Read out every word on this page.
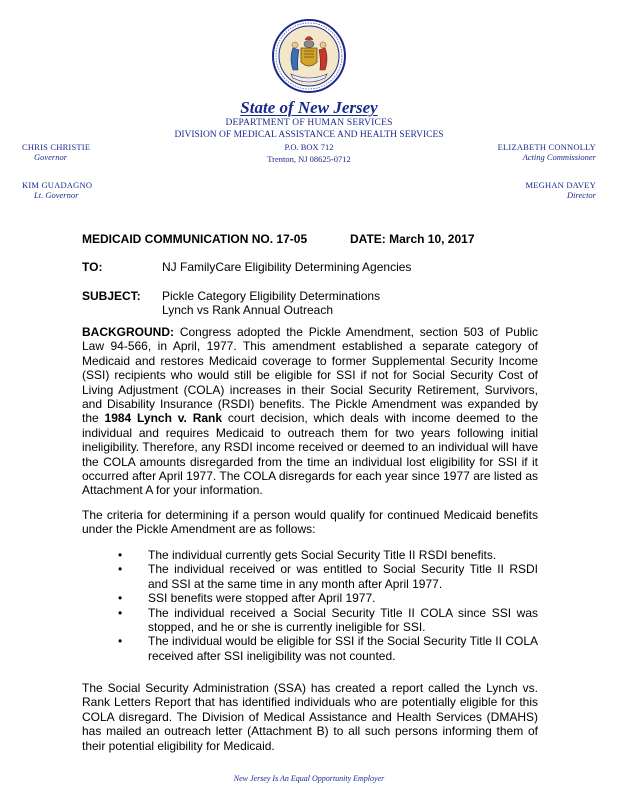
State of New Jersey
DEPARTMENT OF HUMAN SERVICES
DIVISION OF MEDICAL ASSISTANCE AND HEALTH SERVICES
P.O. BOX 712
Trenton, NJ 08625-0712
CHRIS CHRISTIE
Governor
KIM GUADAGNO
Lt. Governor
ELIZABETH CONNOLLY
Acting Commissioner
MEGHAN DAVEY
Director
MEDICAID COMMUNICATION NO. 17-05	DATE: March 10, 2017
TO:	NJ FamilyCare Eligibility Determining Agencies
SUBJECT: Pickle Category Eligibility Determinations
Lynch vs Rank Annual Outreach
BACKGROUND: Congress adopted the Pickle Amendment, section 503 of Public Law 94-566, in April, 1977. This amendment established a separate category of Medicaid and restores Medicaid coverage to former Supplemental Security Income (SSI) recipients who would still be eligible for SSI if not for Social Security Cost of Living Adjustment (COLA) increases in their Social Security Retirement, Survivors, and Disability Insurance (RSDI) benefits. The Pickle Amendment was expanded by the 1984 Lynch v. Rank court decision, which deals with income deemed to the individual and requires Medicaid to outreach them for two years following initial ineligibility. Therefore, any RSDI income received or deemed to an individual will have the COLA amounts disregarded from the time an individual lost eligibility for SSI if it occurred after April 1977. The COLA disregards for each year since 1977 are listed as Attachment A for your information.
The criteria for determining if a person would qualify for continued Medicaid benefits under the Pickle Amendment are as follows:
• The individual currently gets Social Security Title II RSDI benefits.
• The individual received or was entitled to Social Security Title II RSDI and SSI at the same time in any month after April 1977.
• SSI benefits were stopped after April 1977.
• The individual received a Social Security Title II COLA since SSI was stopped, and he or she is currently ineligible for SSI.
• The individual would be eligible for SSI if the Social Security Title II COLA received after SSI ineligibility was not counted.
The Social Security Administration (SSA) has created a report called the Lynch vs. Rank Letters Report that has identified individuals who are potentially eligible for this COLA disregard. The Division of Medical Assistance and Health Services (DMAHS) has mailed an outreach letter (Attachment B) to all such persons informing them of their potential eligibility for Medicaid.
New Jersey Is An Equal Opportunity Employer
